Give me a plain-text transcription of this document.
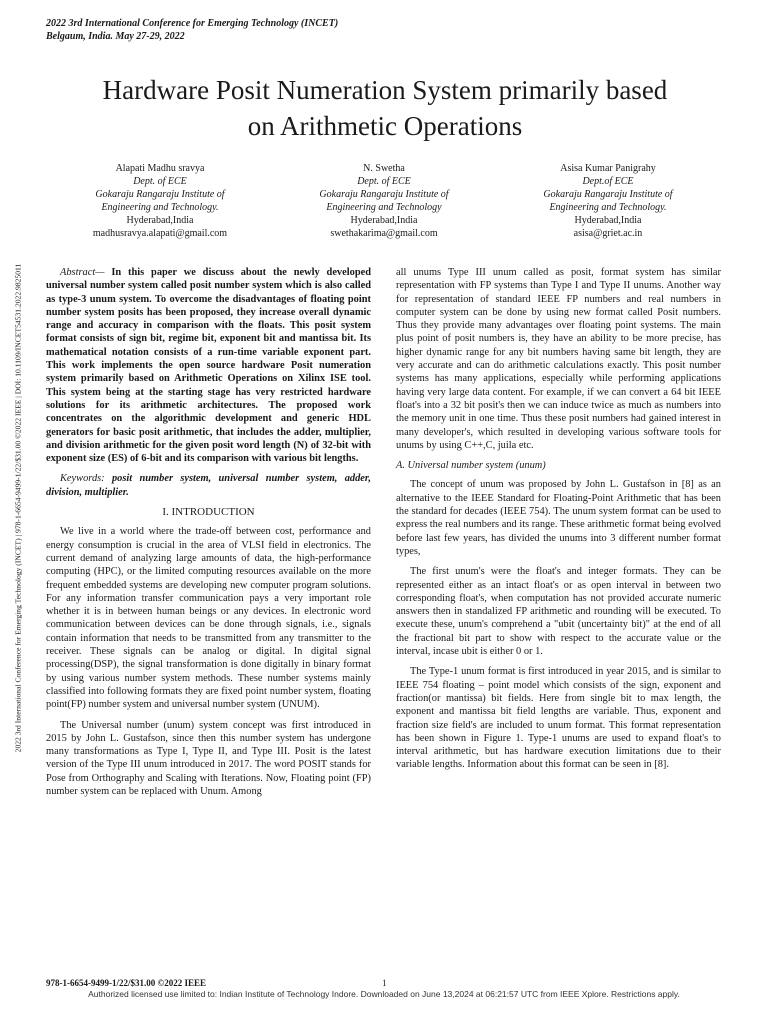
2022 3rd International Conference for Emerging Technology (INCET)
Belgaum, India. May 27-29, 2022
2022 3rd International Conference for Emerging Technology (INCET) | 978-1-6654-9499-1/22/$31.00 ©2022 IEEE | DOI: 10.1109/INCET54531.2022.9825011
Hardware Posit Numeration System primarily based
on Arithmetic Operations
Alapati Madhu sravya
Dept. of ECE
Gokaraju Rangaraju Institute of
Engineering and Technology.
Hyderabad,India
madhusravya.alapati@gmail.com
N. Swetha
Dept. of ECE
Gokaraju Rangaraju Institute of
Engineering and Technology
Hyderabad,India
swethakarima@gmail.com
Asisa Kumar Panigrahy
Dept.of ECE
Gokaraju Rangaraju Institute of
Engineering and Technology.
Hyderabad,India
asisa@griet.ac.in

Abstract— In this paper we discuss about the newly developed universal number system called posit number system which is also called as type-3 unum system. To overcome the disadvantages of floating point number system posits has been proposed, they increase overall dynamic range and accuracy in comparison with the floats. This posit system format consists of sign bit, regime bit, exponent bit and mantissa bit. Its mathematical notation consists of a run-time variable exponent part. This work implements the open source hardware Posit numeration system primarily based on Arithmetic Operations on Xilinx ISE tool. This system being at the starting stage has very restricted hardware solutions for its arithmetic architectures. The proposed work concentrates on the algorithmic development and generic HDL generators for basic posit arithmetic, that includes the adder, multiplier, and division arithmetic for the given posit word length (N) of 32-bit with exponent size (ES) of 6-bit and its comparison with various bit lengths.

Keywords: posit number system, universal number system, adder, division, multiplier.

I. INTRODUCTION

We live in a world where the trade-off between cost, performance and energy consumption is crucial in the area of VLSI field in electronics. The current demand of analyzing large amounts of data, the high-performance computing (HPC), or the limited computing resources available on the more frequent embedded systems are developing new computer program solutions. For any information transfer communication pays a very important role whether it is in between human beings or any devices. In electronic word communication between devices can be done through signals, i.e., signals contain information that needs to be transmitted from any transmitter to the receiver. These signals can be analog or digital. In digital signal processing(DSP), the signal transformation is done digitally in binary format by using various number system methods. These number systems mainly classified into following formats they are fixed point number system, floating point(FP) number system and universal number system (UNUM).

The Universal number (unum) system concept was first introduced in 2015 by John L. Gustafson, since then this number system has undergone many transformations as Type I, Type II, and Type III. Posit is the latest version of the Type III unum introduced in 2017. The word POSIT stands for Pose from Orthography and Scaling with Iterations. Now, Floating point (FP) number system can be replaced with Unum. Among

all unums Type III unum called as posit, format system has similar representation with FP systems than Type I and Type II unums. Another way for representation of standard IEEE FP numbers and real numbers in computer system can be done by using new format called Posit numbers. Thus they provide many advantages over floating point systems. The main plus point of posit numbers is, they have an ability to be more precise, has higher dynamic range for any bit numbers having same bit length, they are very accurate and can do arithmetic calculations exactly. This posit number systems has many applications, especially while performing applications having very large data content. For example, if we can convert a 64 bit IEEE float's into a 32 bit posit's then we can induce twice as much as numbers into the memory unit in one time. Thus these posit numbers had gained interest in many developer's, which resulted in developing various software tools for unums by using C++,C, juila etc.

A. Universal number system (unum)

The concept of unum was proposed by John L. Gustafson in [8] as an alternative to the IEEE Standard for Floating-Point Arithmetic that has been the standard for decades (IEEE 754). The unum system format can be used to express the real numbers and its range. These arithmetic format being evolved before last few years, has divided the unums into 3 different number format types,

The first unum's were the float's and integer formats. They can be represented either as an intact float's or as open interval in between two corresponding float's, when computation has not provided accurate numeric answers then in standalized FP arithmetic and rounding will be executed. To execute these, unum's comprehend a "ubit (uncertainty bit)" at the end of all the fractional bit part to show with respect to the accurate value or the interval, incase ubit is either 0 or 1.

The Type-1 unum format is first introduced in year 2015, and is similar to IEEE 754 floating – point model which consists of the sign, exponent and fraction(or mantissa) bit fields. Here from single bit to max length, the exponent and mantissa bit field lengths are variable. Thus, exponent and fraction size field's are included to unum format. This format representation has been shown in Figure 1. Type-1 unums are used to expand float's to interval arithmetic, but has hardware execution limitations due to their variable lengths. Information about this format can be seen in [8].

978-1-6654-9499-1/22/$31.00 ©2022 IEEE	1
Authorized licensed use limited to: Indian Institute of Technology Indore. Downloaded on June 13,2024 at 06:21:57 UTC from IEEE Xplore. Restrictions apply.
